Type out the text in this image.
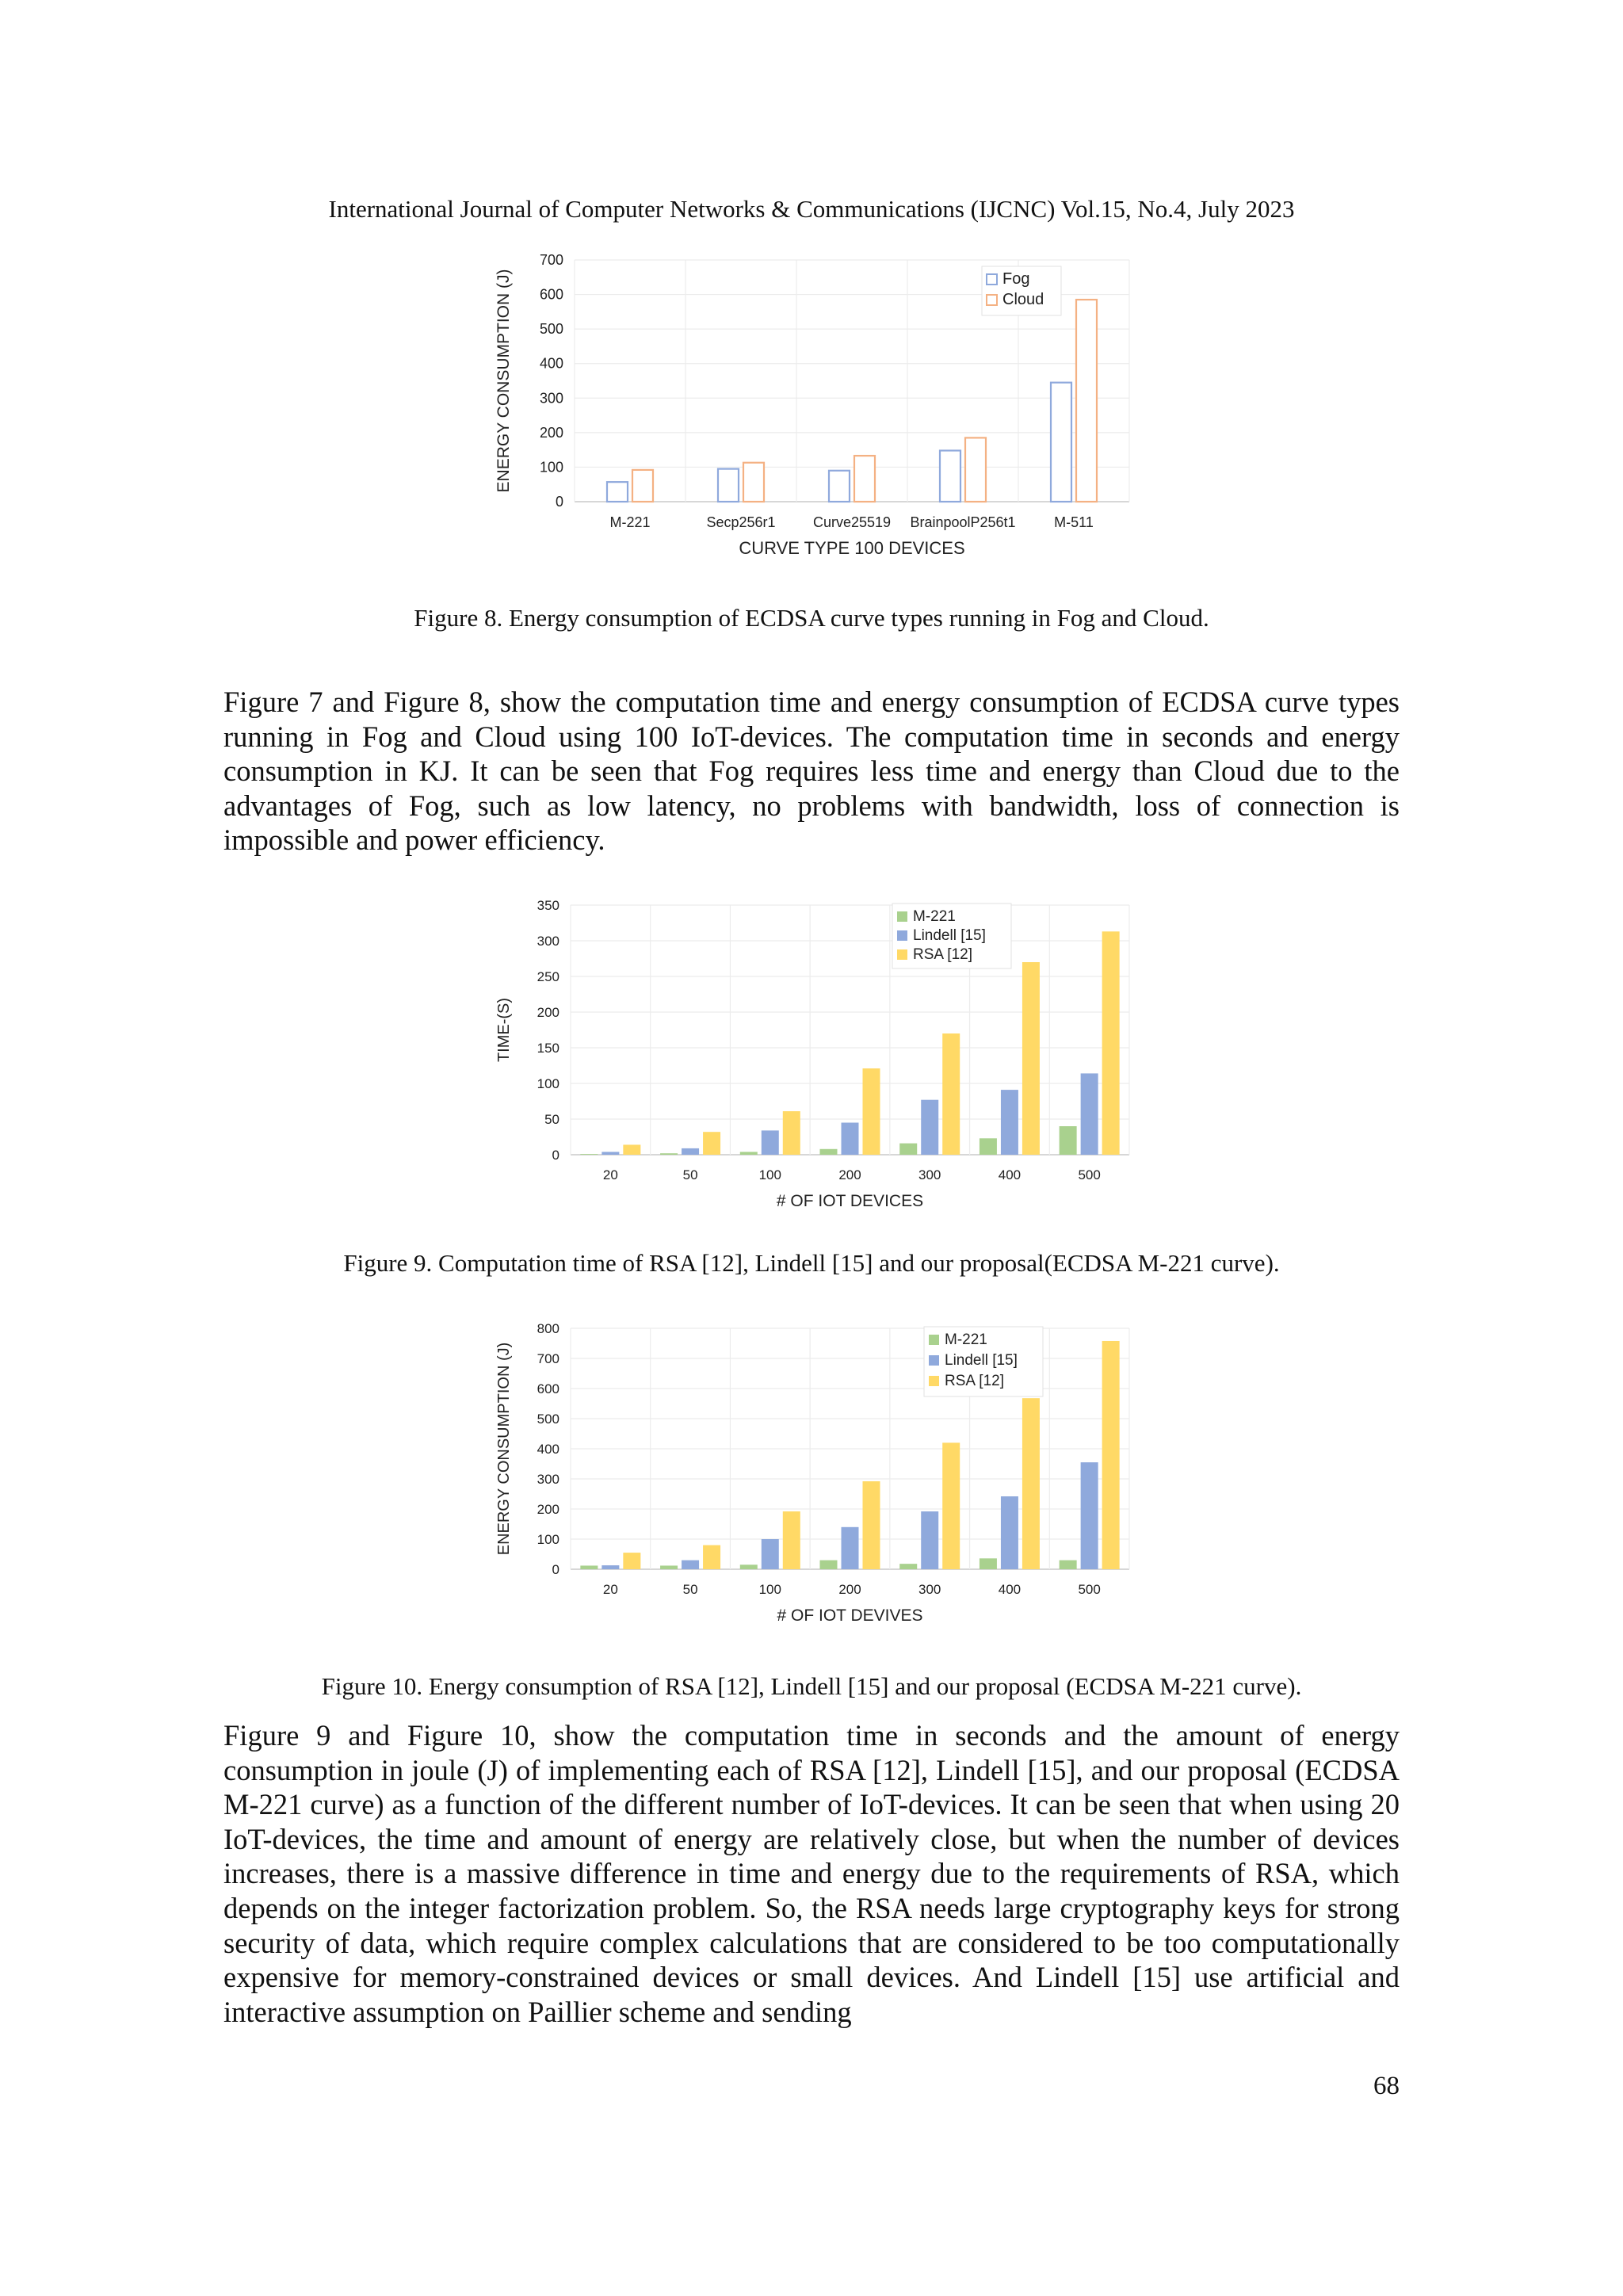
International Journal of Computer Networks & Communications (IJCNC) Vol.15, No.4, July 2023
0
100
200
300
400
500
600
700
M-221	Secp256r1	Curve25519 BrainpoolP256t1	M-511
CURVE TYPE 100 DEVICES
ENERGY CONSUMPTION (J)	Fog
Cloud
Figure 8. Energy consumption of ECDSA curve types running in Fog and Cloud.

Figure 7 and Figure 8, show the computation time and energy consumption of ECDSA curve types running in Fog and Cloud using 100 IoT-devices. The computation time in seconds and energy consumption in KJ. It can be seen that Fog requires less time and energy than Cloud due to the advantages of Fog, such as low latency, no problems with bandwidth, loss of connection is impossible and power efficiency.

0
50
100
150
200
250
300
350
20	50	100	200	300	400	500
# OF IOT DEVICES
TIME-(S)
M-221
Lindell [15]
RSA [12]
Figure 9. Computation time of RSA [12], Lindell [15] and our proposal(ECDSA M-221 curve).
0
100
200
300
400
500
600
700
800
20	50	100	200	300	400	500
# OF IOT DEVIVES
ENERGY CONSUMPTION (J)
M-221
Lindell [15]
RSA [12]
Figure 10. Energy consumption of RSA [12], Lindell [15] and our proposal (ECDSA M-221 curve).

Figure 9 and Figure 10, show the computation time in seconds and the amount of energy consumption in joule (J) of implementing each of RSA [12], Lindell [15], and our proposal (ECDSA M-221 curve) as a function of the different number of IoT-devices. It can be seen that when using 20 IoT-devices, the time and amount of energy are relatively close, but when the number of devices increases, there is a massive difference in time and energy due to the requirements of RSA, which depends on the integer factorization problem. So, the RSA needs large cryptography keys for strong security of data, which require complex calculations that are considered to be too computationally expensive for memory-constrained devices or small devices. And Lindell [15] use artificial and interactive assumption on Paillier scheme and sending

68
